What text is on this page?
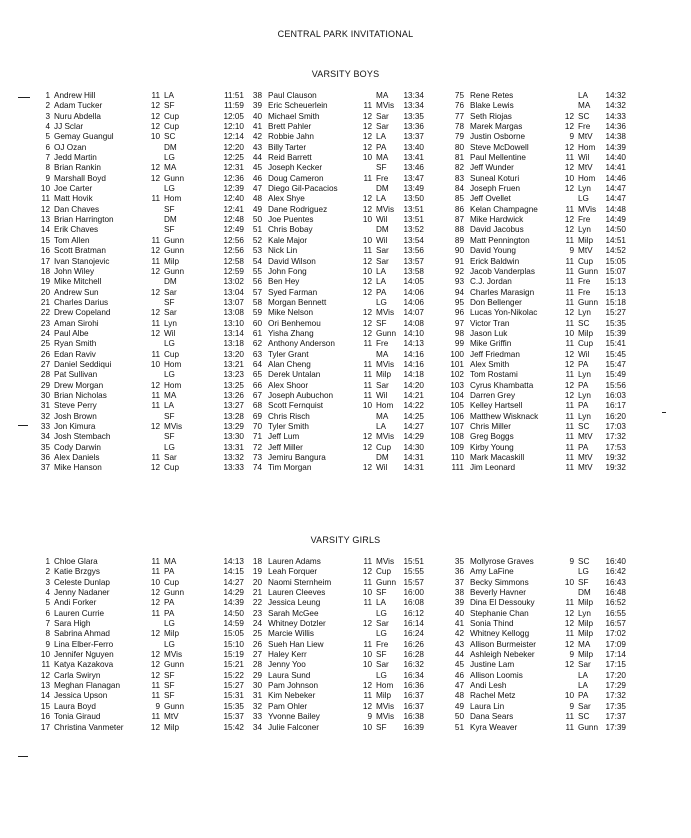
CENTRAL PARK INVITATIONAL
VARSITY BOYS
VARSITY GIRLS
1 Andrew Hill	11 LA	11:51
2 Adam Tucker	12 SF	11:59
3 Nuru Abdella	12 Cup	12:05
4 JJ Sclar	12 Cup	12:10
5 Gemay Guangul	10 SC	12:14
6 OJ Ozan	DM	12:20
7 Jedd Martin	LG	12:25
8 Brian Rankin	12 MA	12:31
9 Marshall Boyd	12 Gunn	12:36
10 Joe Carter	LG	12:39
11 Matt Hovik	11 Hom	12:40
12 Dan Chaves	SF	12:41
13 Brian Harrington	DM	12:48
14 Erik Chaves	SF	12:49
15 Tom Allen	11 Gunn	12:56
16 Scott Bratman	12 Gunn	12:56
17 Ivan Stanojevic	11 Milp	12:58
18 John Wiley	12 Gunn	12:59
19 Mike Mitchell	DM	13:02
20 Andrew Sun	12 Sar	13:04
21 Charles Darius	SF	13:07
22 Drew Copeland	12 Sar	13:08
23 Aman Sirohi	11 Lyn	13:10
24 Paul Albe	12 Wil	13:14
25 Ryan Smith	LG	13:18
26 Edan Raviv	11 Cup	13:20
27 Daniel Seddiqui	10 Hom	13:21
28 Pat Sullivan	LG	13:23
29 Drew Morgan	12 Hom	13:25
30 Brian Nicholas	11 MA	13:26
31 Steve Perry	11 LA	13:27
32 Josh Brown	SF	13:28
33 Jon Kimura	12 MVis	13:29
34 Josh Stembach	SF	13:30
35 Cody Darwin	LG	13:31
36 Alex Daniels	11 Sar	13:32
37 Mike Hanson	12 Cup	13:33
38 Paul Clauson	MA	13:34
39 Eric Scheuerlein	11 MVis	13:34
40 Michael Smith	12 Sar	13:35
41 Brett Pahler	12 Sar	13:36
42 Robbie Jahn	12 LA	13:37
43 Billy Tarter	12 PA	13:40
44 Reid Barrett	10 MA	13:41
45 Joseph Kecker	SF	13:46
46 Doug Cameron	11 Fre	13:47
47 Diego Gil-Pacacios	DM	13:49
48 Alex Shye	12 LA	13:50
49 Dane Rodriguez	12 MVis	13:51
50 Joe Puentes	10 Wil	13:51
51 Chris Bobay	DM	13:52
52 Kale Major	10 Wil	13:54
53 Nick Lin	11 Sar	13:56
54 David Wilson	12 Sar	13:57
55 John Fong	10 LA	13:58
56 Ben Hey	12 LA	14:05
57 Syed Farman	12 PA	14:06
58 Morgan Bennett	LG	14:06
59 Mike Nelson	12 MVis	14:07
60 Ori Benhemou	12 SF	14:08
61 Yisha Zhang	12 Gunn 14:10
62 Anthony Anderson	11 Fre	14:13
63 Tyler Grant	MA	14:16
64 Alan Cheng	11 MVis	14:16
65 Derek Untalan	11 Milp	14:18
66 Alex Shoor	11 Sar	14:20
67 Joseph Aubuchon	11 Wil	14:21
68 Scott Fernquist	10 Hom	14:22
69 Chris Risch	MA	14:25
70 Tyler Smith	LA	14:27
71 Jeff Lum	12 MVis	14:29
72 Jeff Miller	12 Cup	14:30
73 Jemiru Bangura	DM	14:31
74 Tim Morgan	12 Wil	14:31
75 Rene Retes	LA	14:32
76 Blake Lewis	MA	14:32
77 Seth Riojas	12 SC	14:33
78 Marek Margas	12 Fre	14:36
79 Justin Osborne	9 MtV	14:38
80 Steve McDowell	12 Hom	14:39
81 Paul Mellentine	11 Wil	14:40
82 Jeff Wunder	12 MtV	14:41
83 Suneal Koturi	10 Hom	14:46
84 Joseph Fruen	12 Lyn	14:47
85 Jeff Ovellet	LG	14:47
86 Kelan Champagne	11 MVis	14:48
87 Mike Hardwick	12 Fre	14:49
88 David Jacobus	12 Lyn	14:50
89 Matt Pennington	11 Milp	14:51
90 David Young	9 MtV	14:52
91 Erick Baldwin	11 Cup	15:05
92 Jacob Vanderplas	11 Gunn 15:07
93 C.J. Jordan	11 Fre	15:13
94 Charles Marasign	11 Fre	15:13
95 Don Bellenger	11 Gunn 15:18
96 Lucas Yon-Nikolac	12 Lyn	15:27
97 Victor Tran	11 SC	15:35
98 Jason Luk	10 Milp	15:39
99 Mike Griffin	11 Cup	15:41
100 Jeff Friedman	12 Wil	15:45
101 Alex Smith	12 PA	15:47
102 Tom Rostami	11 Lyn	15:49
103 Cyrus Khambatta	12 PA	15:56
104 Darren Grey	12 Lyn	16:03
105 Kelley Hartsell	11 PA	16:17
106 Matthew Wisknack	11 Lyn	16:20
107 Chris Miller	11 SC	17:03
108 Greg Boggs	11 MtV	17:32
109 Kirby Young	11 PA	17:53
110 Mark Macaskill	11 MtV	19:32
111 Jim Leonard	11 MtV	19:32
1 Chloe Glara	11 MA	14:13
2 Katie Brzgys	11 PA	14:15
3 Celeste Dunlap	10 Cup	14:27
4 Jenny Nadaner	12 Gunn	14:29
5 Andi Forker	12 PA	14:39
6 Lauren Currie	11 PA	14:50
7 Sara High	LG	14:59
8 Sabrina Ahmad	12 Milp	15:05
9 Lina Elber-Ferro	LG	15:10
10 Jennifer Nguyen	12 MVis	15:19
11 Katya Kazakova	12 Gunn	15:21
12 Carla Swiryn	12 SF	15:22
13 Meghan Flanagan	11 SF	15:27
14 Jessica Upson	11 SF	15:31
15 Laura Boyd	9 Gunn	15:35
16 Tonia Giraud	11 MtV	15:37
17 Christina Vanmeter	12 Milp	15:42
18 Lauren Adams	11 MVis	15:51
19 Leah Forquer	12 Cup	15:55
20 Naomi Sternheim	11 Gunn 15:57
21 Lauren Cleeves	10 SF	16:00
22 Jessica Leung	11 LA	16:08
23 Sarah McGee	LG	16:12
24 Whitney Dotzler	12 Sar	16:14
25 Marcie Willis	LG	16:24
26 Sueh Han Liew	11 Fre	16:26
27 Haley Kerr	10 SF	16:28
28 Jenny Yoo	10 Sar	16:32
29 Laura Sund	LG	16:34
30 Pam Johnson	12 Hom	16:36
31 Kim Nebeker	11 Milp	16:37
32 Pam Ohler	12 MVis	16:37
33 Yvonne Bailey	9 MVis	16:38
34 Julie Falconer	10 SF	16:39
35 Mollyrose Graves	9 SC	16:40
36 Amy LaFine	LG	16:42
37 Becky Simmons	10 SF	16:43
38 Beverly Havner	DM	16:48
39 Dina El Dessouky	11 Milp	16:52
40 Stephanie Chan	12 Lyn	16:55
41 Sonia Thind	12 Milp	16:57
42 Whitney Kellogg	11 Milp	17:02
43 Allison Burmeister	12 MA	17:09
44 Ashleigh Nebeker	9 Milp	17:14
45 Justine Lam	12 Sar	17:15
46 Allison Loomis	LA	17:20
47 Andi Lesh	LA	17:29
48 Rachel Metz	10 PA	17:32
49 Laura Lin	9 Sar	17:35
50 Dana Sears	11 SC	17:37
51 Kyra Weaver	11 Gunn 17:39
